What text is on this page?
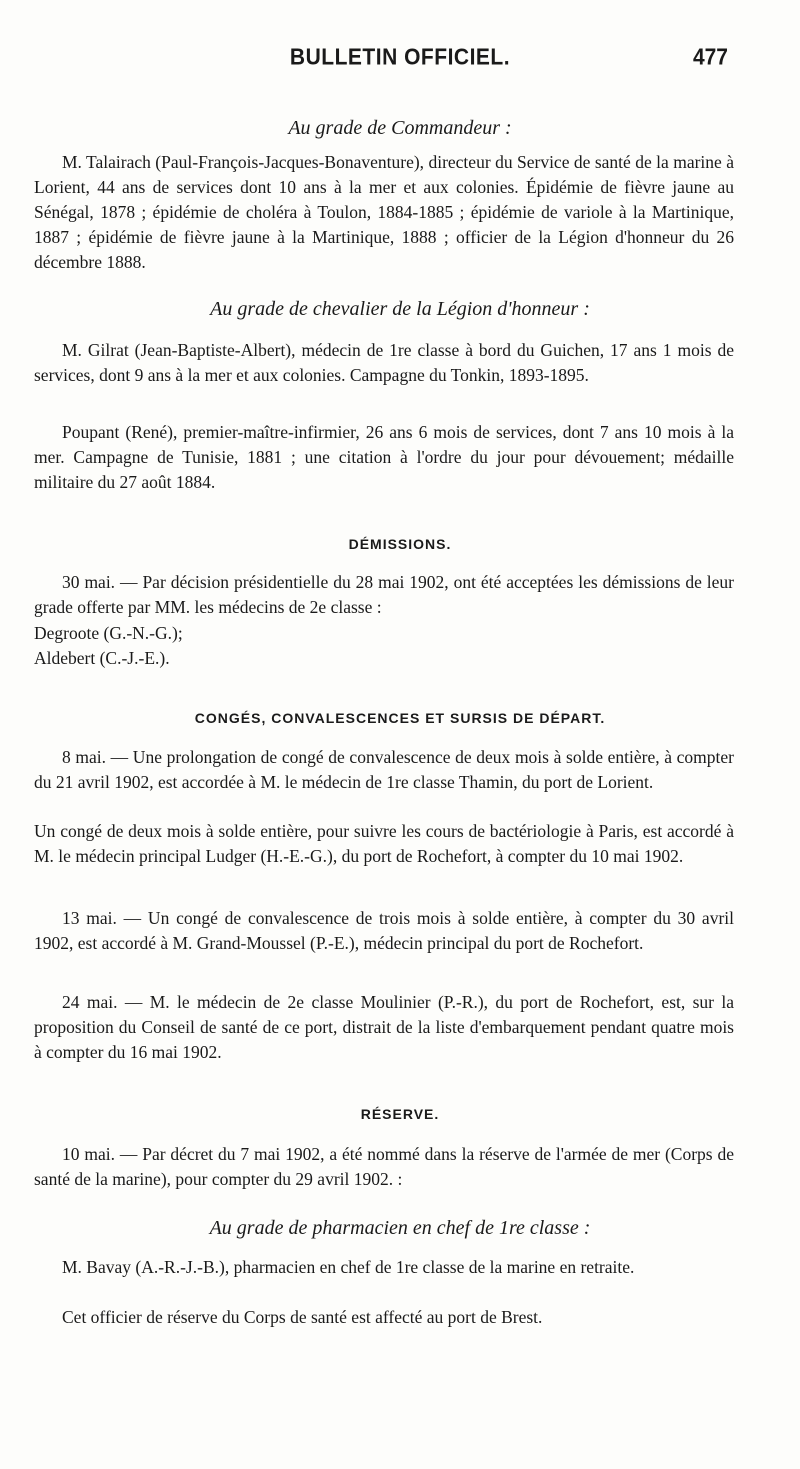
BULLETIN OFFICIEL.	477
Au grade de Commandeur :
M. Talairach (Paul-François-Jacques-Bonaventure), directeur du Service de santé de la marine à Lorient, 44 ans de services dont 10 ans à la mer et aux colonies. Épidémie de fièvre jaune au Sénégal, 1878 ; épidémie de choléra à Toulon, 1884-1885 ; épidémie de variole à la Martinique, 1887 ; épidémie de fièvre jaune à la Martinique, 1888 ; officier de la Légion d'honneur du 26 décembre 1888.
Au grade de chevalier de la Légion d'honneur :
M. Gilrat (Jean-Baptiste-Albert), médecin de 1re classe à bord du Guichen, 17 ans 1 mois de services, dont 9 ans à la mer et aux colonies. Campagne du Tonkin, 1893-1895.
Poupant (René), premier-maître-infirmier, 26 ans 6 mois de services, dont 7 ans 10 mois à la mer. Campagne de Tunisie, 1881 ; une citation à l'ordre du jour pour dévouement; médaille militaire du 27 août 1884.
DÉMISSIONS.
30 mai. — Par décision présidentielle du 28 mai 1902, ont été acceptées les démissions de leur grade offerte par MM. les médecins de 2e classe :
Degroote (G.-N.-G.);
Aldebert (C.-J.-E.).
CONGÉS, CONVALESCENCES ET SURSIS DE DÉPART.
8 mai. — Une prolongation de congé de convalescence de deux mois à solde entière, à compter du 21 avril 1902, est accordée à M. le médecin de 1re classe Thamin, du port de Lorient.
Un congé de deux mois à solde entière, pour suivre les cours de bactériologie à Paris, est accordé à M. le médecin principal Ludger (H.-E.-G.), du port de Rochefort, à compter du 10 mai 1902.
13 mai. — Un congé de convalescence de trois mois à solde entière, à compter du 30 avril 1902, est accordé à M. Grand-Moussel (P.-E.), médecin principal du port de Rochefort.
24 mai. — M. le médecin de 2e classe Moulinier (P.-R.), du port de Rochefort, est, sur la proposition du Conseil de santé de ce port, distrait de la liste d'embarquement pendant quatre mois à compter du 16 mai 1902.
RÉSERVE.
10 mai. — Par décret du 7 mai 1902, a été nommé dans la réserve de l'armée de mer (Corps de santé de la marine), pour compter du 29 avril 1902. :
Au grade de pharmacien en chef de 1re classe :
M. Bavay (A.-R.-J.-B.), pharmacien en chef de 1re classe de la marine en retraite.
Cet officier de réserve du Corps de santé est affecté au port de Brest.
